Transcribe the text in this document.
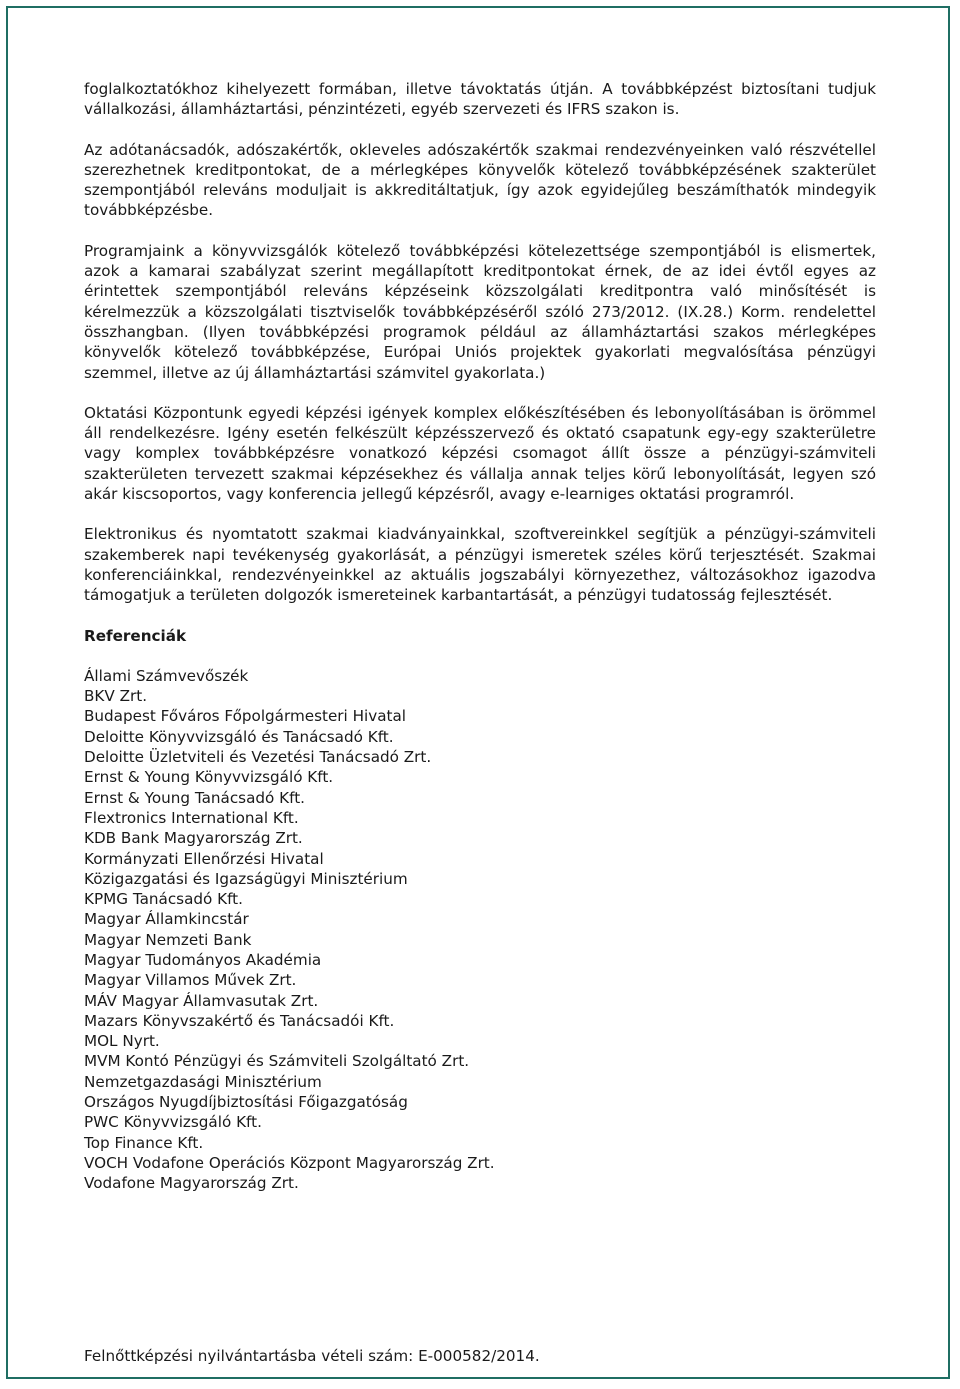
foglalkoztatókhoz kihelyezett formában, illetve távoktatás útján. A továbbképzést biztosítani tudjuk vállalkozási, államháztartási, pénzintézeti, egyéb szervezeti és IFRS szakon is.

Az adótanácsadók, adószakértők, okleveles adószakértők szakmai rendezvényeinken való részvétellel szerezhetnek kreditpontokat, de a mérlegképes könyvelők kötelező továbbképzésének szakterület szempontjából releváns moduljait is akkreditáltatjuk, így azok egyidejűleg beszámíthatók mindegyik továbbképzésbe.

Programjaink a könyvvizsgálók kötelező továbbképzési kötelezettsége szempontjából is elismertek, azok a kamarai szabályzat szerint megállapított kreditpontokat érnek, de az idei évtől egyes az érintettek szempontjából releváns képzéseink közszolgálati kreditpontra való minősítését is kérelmezzük a közszolgálati tisztviselők továbbképzéséről szóló 273/2012. (IX.28.) Korm. rendelettel összhangban. (Ilyen továbbképzési programok például az államháztartási szakos mérlegképes könyvelők kötelező továbbképzése, Európai Uniós projektek gyakorlati megvalósítása pénzügyi szemmel, illetve az új államháztartási számvitel gyakorlata.)

Oktatási Központunk egyedi képzési igények komplex előkészítésében és lebonyolításában is örömmel áll rendelkezésre. Igény esetén felkészült képzésszervező és oktató csapatunk egy-egy szakterületre vagy komplex továbbképzésre vonatkozó képzési csomagot állít össze a pénzügyi-számviteli szakterületen tervezett szakmai képzésekhez és vállalja annak teljes körű lebonyolítását, legyen szó akár kiscsoportos, vagy konferencia jellegű képzésről, avagy e-learniges oktatási programról.

Elektronikus és nyomtatott szakmai kiadványainkkal, szoftvereinkkel segítjük a pénzügyi-számviteli szakemberek napi tevékenység gyakorlását, a pénzügyi ismeretek széles körű terjesztését. Szakmai konferenciáinkkal, rendezvényeinkkel az aktuális jogszabályi környezethez, változásokhoz igazodva támogatjuk a területen dolgozók ismereteinek karbantartását, a pénzügyi tudatosság fejlesztését.

Referenciák
Állami Számvevőszék
BKV Zrt.
Budapest Főváros Főpolgármesteri Hivatal
Deloitte Könyvvizsgáló és Tanácsadó Kft.
Deloitte Üzletviteli és Vezetési Tanácsadó Zrt.
Ernst & Young Könyvvizsgáló Kft.
Ernst & Young Tanácsadó Kft.
Flextronics International Kft.
KDB Bank Magyarország Zrt.
Kormányzati Ellenőrzési Hivatal
Közigazgatási és Igazságügyi Minisztérium
KPMG Tanácsadó Kft.
Magyar Államkincstár
Magyar Nemzeti Bank
Magyar Tudományos Akadémia
Magyar Villamos Művek Zrt.
MÁV Magyar Államvasutak Zrt.
Mazars Könyvszakértő és Tanácsadói Kft.
MOL Nyrt.
MVM Kontó Pénzügyi és Számviteli Szolgáltató Zrt.
Nemzetgazdasági Minisztérium
Országos Nyugdíjbiztosítási Főigazgatóság
PWC Könyvvizsgáló Kft.
Top Finance Kft.
VOCH Vodafone Operációs Központ Magyarország Zrt.
Vodafone Magyarország Zrt.
Felnőttképzési nyilvántartásba vételi szám: E-000582/2014.
